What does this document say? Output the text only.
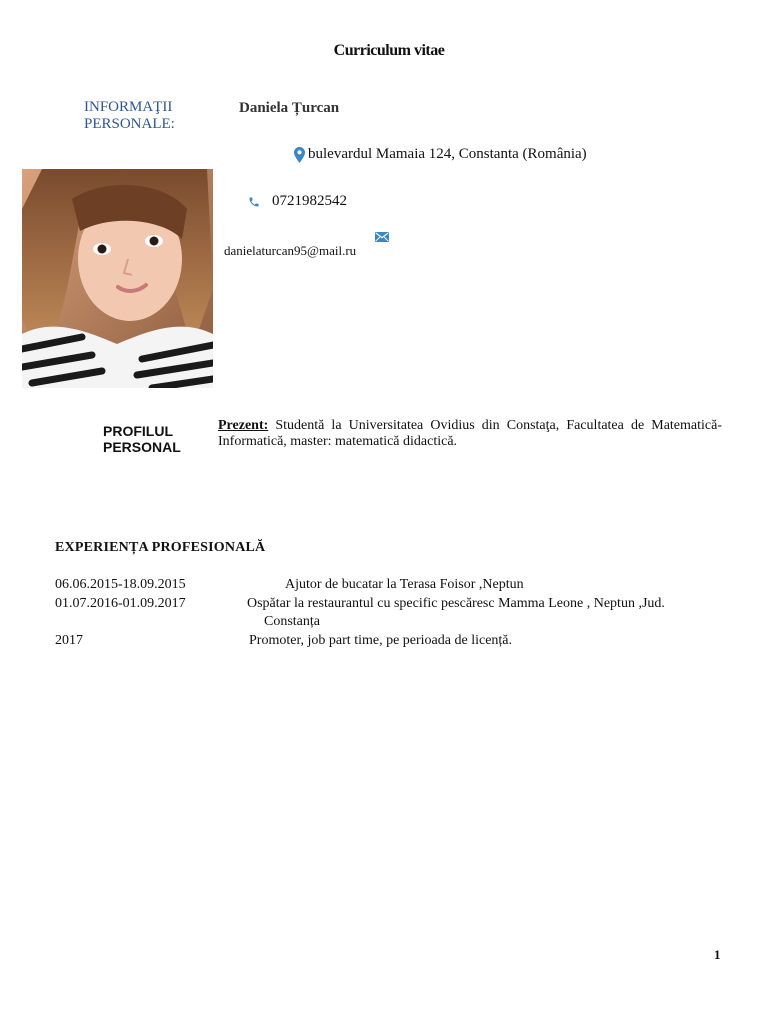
Curriculum vitae
INFORMAŢII
PERSONALE:
Daniela Țurcan
bulevardul Mamaia 124, Constanta (România)
0721982542
danielaturcan95@mail.ru
PROFILUL
PERSONAL
Prezent: Studentă la Universitatea Ovidius din Constaţa, Facultatea de Matematică-Informatică, master: matematică didactică.
EXPERIENȚA PROFESIONALĂ
06.06.2015-18.09.2015	Ajutor de bucatar la Terasa Foisor ,Neptun
01.07.2016-01.09.2017	Ospătar la restaurantul cu specific pescăresc Mamma Leone , Neptun ,Jud.
Constanța
2017	Promoter, job part time, pe perioada de licență.
1
